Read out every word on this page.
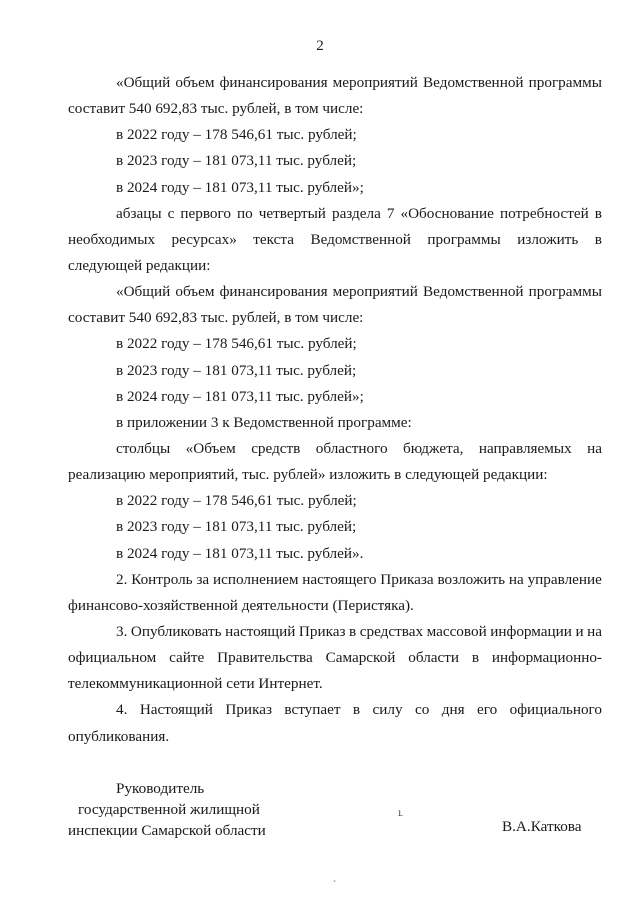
2
«Общий объем финансирования мероприятий Ведомственной программы
составит 540 692,83 тыс. рублей, в том числе:
в 2022 году – 178 546,61 тыс. рублей;
в 2023 году – 181 073,11 тыс. рублей;
в 2024 году – 181 073,11 тыс. рублей»;
абзацы с первого по четвертый раздела 7 «Обоснование потребностей в
необходимых ресурсах» текста Ведомственной программы изложить в
следующей редакции:
«Общий объем финансирования мероприятий Ведомственной программы
составит 540 692,83 тыс. рублей, в том числе:
в 2022 году – 178 546,61 тыс. рублей;
в 2023 году – 181 073,11 тыс. рублей;
в 2024 году – 181 073,11 тыс. рублей»;
в приложении 3 к Ведомственной программе:
столбцы «Объем средств областного бюджета, направляемых на
реализацию мероприятий, тыс. рублей» изложить в следующей редакции:
в 2022 году – 178 546,61 тыс. рублей;
в 2023 году – 181 073,11 тыс. рублей;
в 2024 году – 181 073,11 тыс. рублей».
2. Контроль за исполнением настоящего Приказа возложить на управление
финансово-хозяйственной деятельности (Перистяка).
3. Опубликовать настоящий Приказ в средствах массовой информации и на
официальном сайте Правительства Самарской области в информационно-
телекоммуникационной сети Интернет.
4. Настоящий Приказ вступает в силу со дня его официального
опубликования.
Руководитель
государственной жилищной
инспекции Самарской области	В.А.Каткова
ւ
ˋ
